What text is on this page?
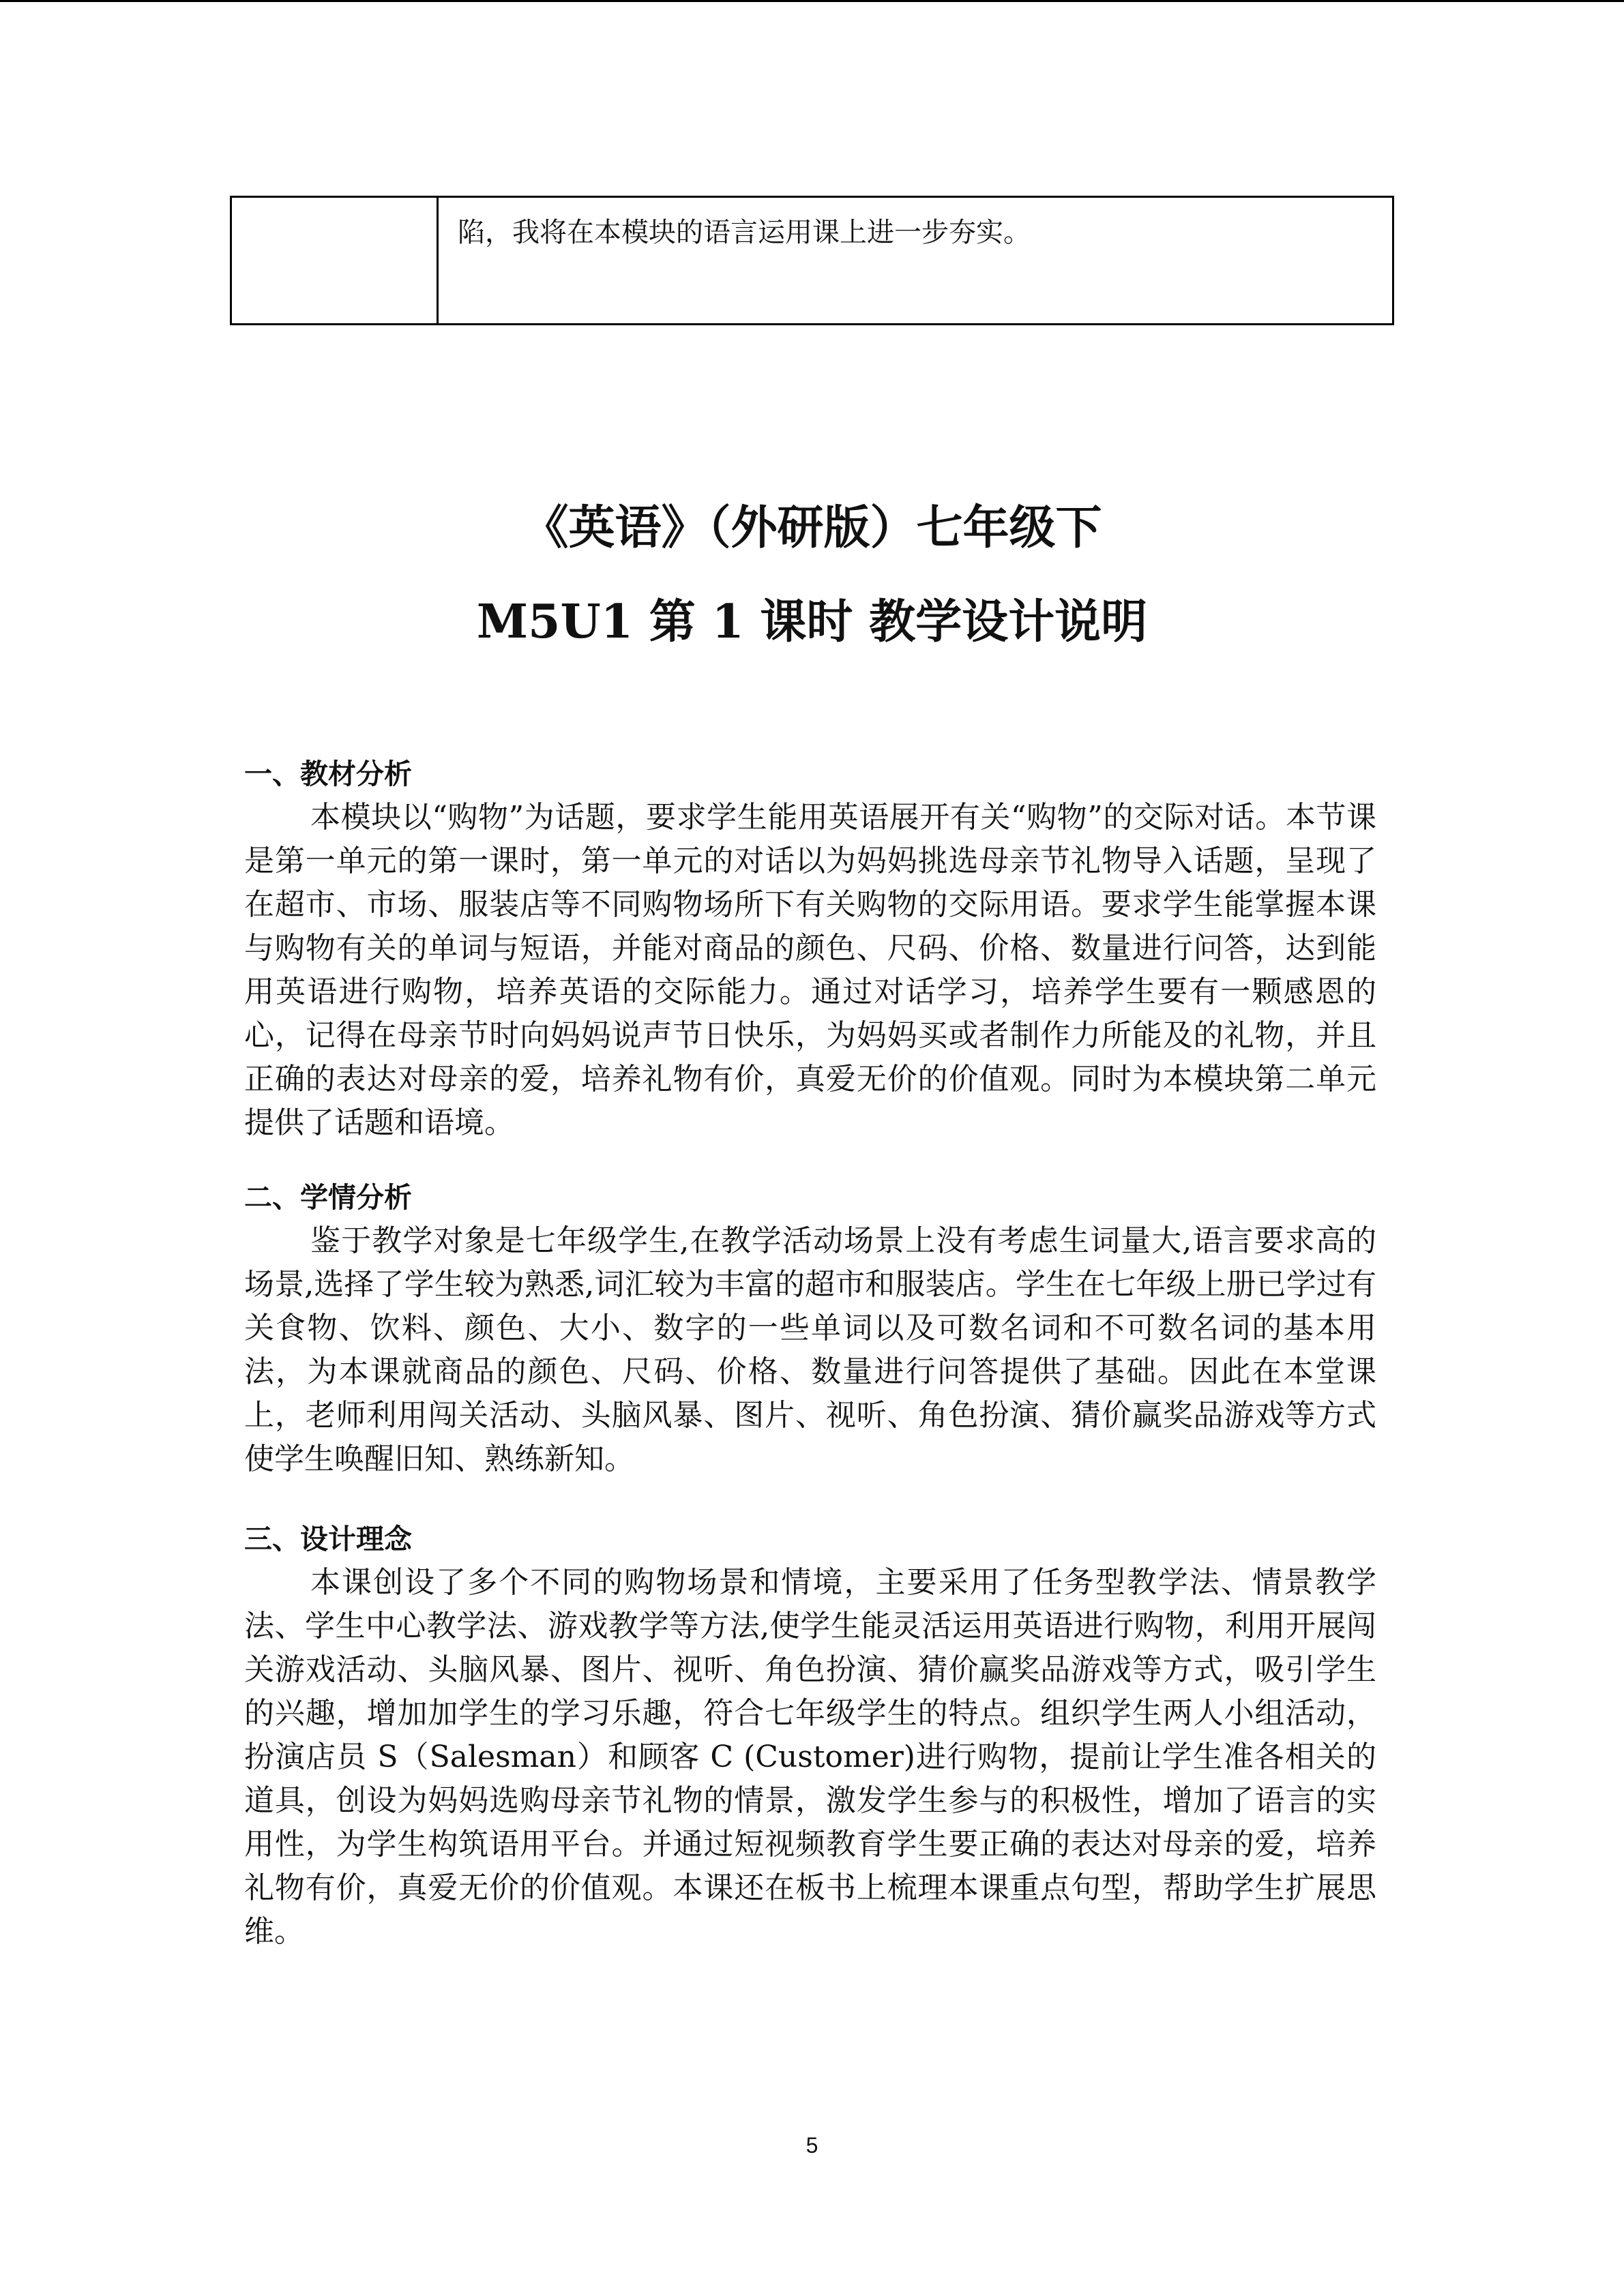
	陷，我将在本模块的语言运用课上进一步夯实。
《英语》（外研版）七年级下
M5U1 第 1 课时 教学设计说明
一、教材分析

本模块以“购物”为话题，要求学生能用英语展开有关“购物”的交际对话。本节课是第一单元的第一课时，第一单元的对话以为妈妈挑选母亲节礼物导入话题，呈现了在超市、市场、服装店等不同购物场所下有关购物的交际用语。要求学生能掌握本课与购物有关的单词与短语，并能对商品的颜色、尺码、价格、数量进行问答，达到能用英语进行购物，培养英语的交际能力。通过对话学习，培养学生要有一颗感恩的心，记得在母亲节时向妈妈说声节日快乐，为妈妈买或者制作力所能及的礼物，并且正确的表达对母亲的爱，培养礼物有价，真爱无价的价值观。同时为本模块第二单元提供了话题和语境。

二、学情分析

鉴于教学对象是七年级学生,在教学活动场景上没有考虑生词量大,语言要求高的场景,选择了学生较为熟悉,词汇较为丰富的超市和服装店。学生在七年级上册已学过有关食物、饮料、颜色、大小、数字的一些单词以及可数名词和不可数名词的基本用法，为本课就商品的颜色、尺码、价格、数量进行问答提供了基础。因此在本堂课上，老师利用闯关活动、头脑风暴、图片、视听、角色扮演、猜价赢奖品游戏等方式使学生唤醒旧知、熟练新知。

三、设计理念

本课创设了多个不同的购物场景和情境，主要采用了任务型教学法、情景教学法、学生中心教学法、游戏教学等方法,使学生能灵活运用英语进行购物，利用开展闯关游戏活动、头脑风暴、图片、视听、角色扮演、猜价赢奖品游戏等方式，吸引学生的兴趣，增加加学生的学习乐趣，符合七年级学生的特点。组织学生两人小组活动，扮演店员 S（Salesman）和顾客 C (Customer)进行购物，提前让学生准各相关的道具，创设为妈妈选购母亲节礼物的情景，激发学生参与的积极性，增加了语言的实用性，为学生构筑语用平台。并通过短视频教育学生要正确的表达对母亲的爱，培养礼物有价，真爱无价的价值观。本课还在板书上梳理本课重点句型，帮助学生扩展思维。

5
